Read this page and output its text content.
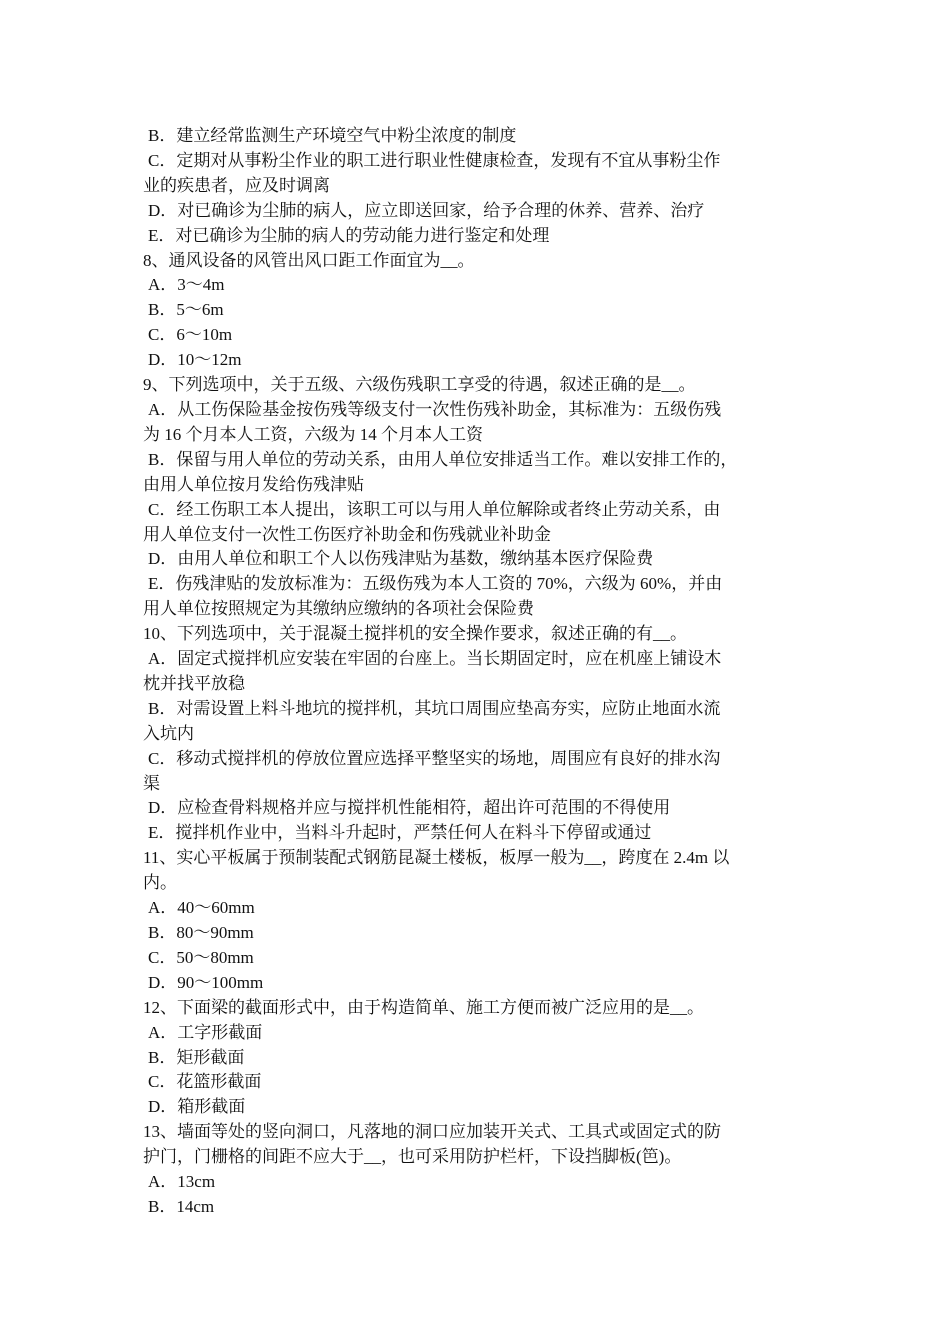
B．建立经常监测生产环境空气中粉尘浓度的制度

C．定期对从事粉尘作业的职工进行职业性健康检查，发现有不宜从事粉尘作

业的疾患者，应及时调离

D．对已确诊为尘肺的病人，应立即送回家，给予合理的休养、营养、治疗

E．对已确诊为尘肺的病人的劳动能力进行鉴定和处理

8、通风设备的风管出风口距工作面宜为__。

A．3～4m

B．5～6m

C．6～10m

D．10～12m

9、下列选项中，关于五级、六级伤残职工享受的待遇，叙述正确的是__。

A．从工伤保险基金按伤残等级支付一次性伤残补助金，其标准为：五级伤残

为 16 个月本人工资，六级为 14 个月本人工资

B．保留与用人单位的劳动关系，由用人单位安排适当工作。难以安排工作的，

由用人单位按月发给伤残津贴

C．经工伤职工本人提出，该职工可以与用人单位解除或者终止劳动关系，由

用人单位支付一次性工伤医疗补助金和伤残就业补助金

D．由用人单位和职工个人以伤残津贴为基数，缴纳基本医疗保险费

E．伤残津贴的发放标准为：五级伤残为本人工资的 70%，六级为 60%，并由

用人单位按照规定为其缴纳应缴纳的各项社会保险费

10、下列选项中，关于混凝土搅拌机的安全操作要求，叙述正确的有__。

A．固定式搅拌机应安装在牢固的台座上。当长期固定时，应在机座上铺设木

枕并找平放稳

B．对需设置上料斗地坑的搅拌机，其坑口周围应垫高夯实，应防止地面水流

入坑内

C．移动式搅拌机的停放位置应选择平整坚实的场地，周围应有良好的排水沟

渠

D．应检查骨料规格并应与搅拌机性能相符，超出许可范围的不得使用

E．搅拌机作业中，当料斗升起时，严禁任何人在料斗下停留或通过

11、实心平板属于预制装配式钢筋昆凝土楼板，板厚一般为__，跨度在 2.4m 以

内。

A．40～60mm

B．80～90mm

C．50～80mm

D．90～100mm

12、下面梁的截面形式中，由于构造简单、施工方便而被广泛应用的是__。

A．工字形截面

B．矩形截面

C．花篮形截面

D．箱形截面

13、墙面等处的竖向洞口，凡落地的洞口应加装开关式、工具式或固定式的防

护门，门栅格的间距不应大于__，也可采用防护栏杆，下设挡脚板(笆)。

A．13cm

B．14cm
